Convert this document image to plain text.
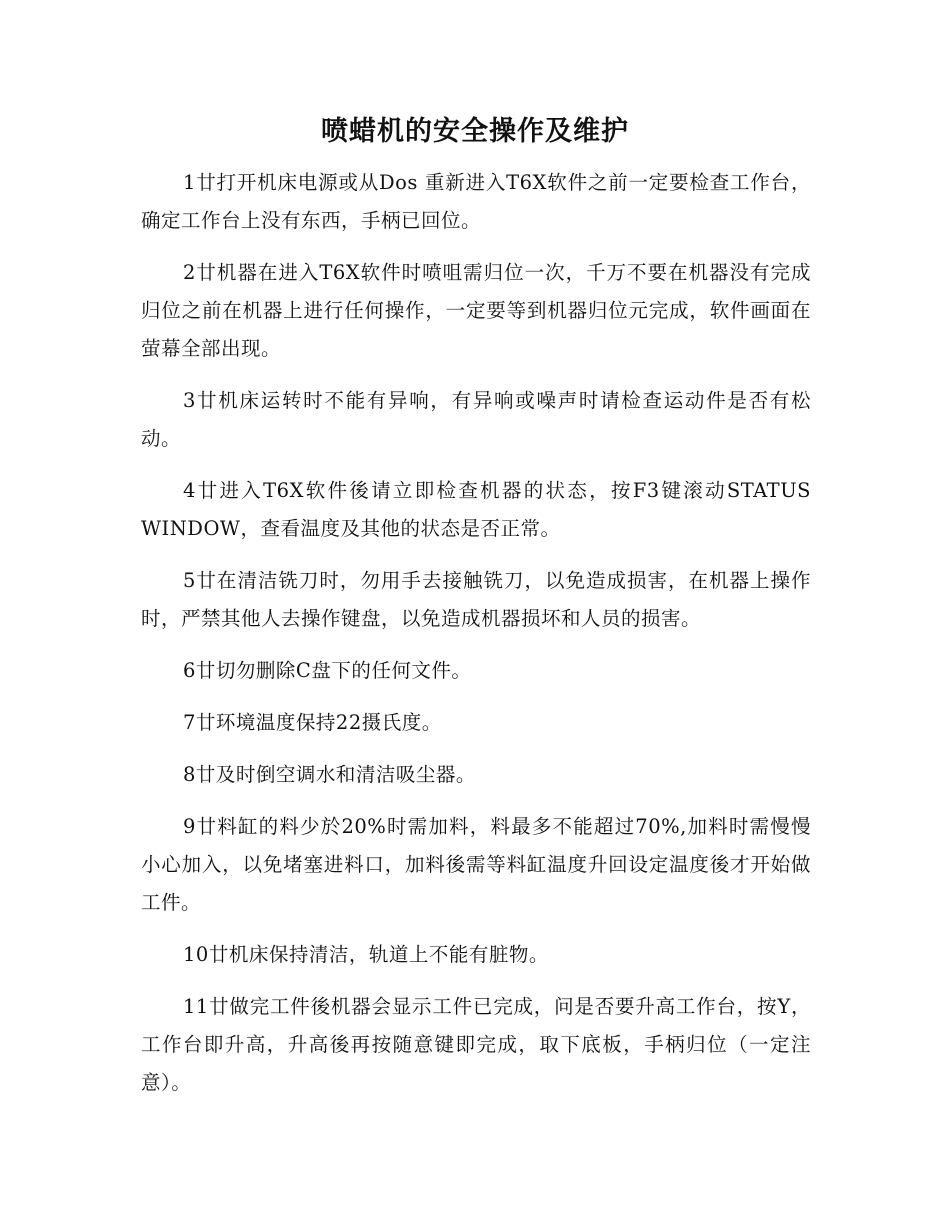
喷蜡机的安全操作及维护

1廿打开机床电源或从Dos 重新进入T6X软件之前一定要检查工作台，确定工作台上没有东西，手柄已回位。

2廿机器在进入T6X软件时喷咀需归位一次，千万不要在机器没有完成归位之前在机器上进行任何操作，一定要等到机器归位元完成，软件画面在萤幕全部出现。

3廿机床运转时不能有异响，有异响或噪声时请检查运动件是否有松动。

4廿进入T6X软件後请立即检查机器的状态，按F3键滚动STATUS WINDOW，查看温度及其他的状态是否正常。

5廿在清洁铣刀时，勿用手去接触铣刀，以免造成损害，在机器上操作时，严禁其他人去操作键盘，以免造成机器损坏和人员的损害。

6廿切勿删除C盘下的任何文件。

7廿环境温度保持22摄氏度。

8廿及时倒空调水和清洁吸尘器。

9廿料缸的料少於20%时需加料，料最多不能超过70%,加料时需慢慢小心加入，以免堵塞进料口，加料後需等料缸温度升回设定温度後才开始做工件。

10廿机床保持清洁，轨道上不能有脏物。

11廿做完工件後机器会显示工件已完成，问是否要升高工作台，按Y，工作台即升高，升高後再按随意键即完成，取下底板，手柄归位（一定注意）。
